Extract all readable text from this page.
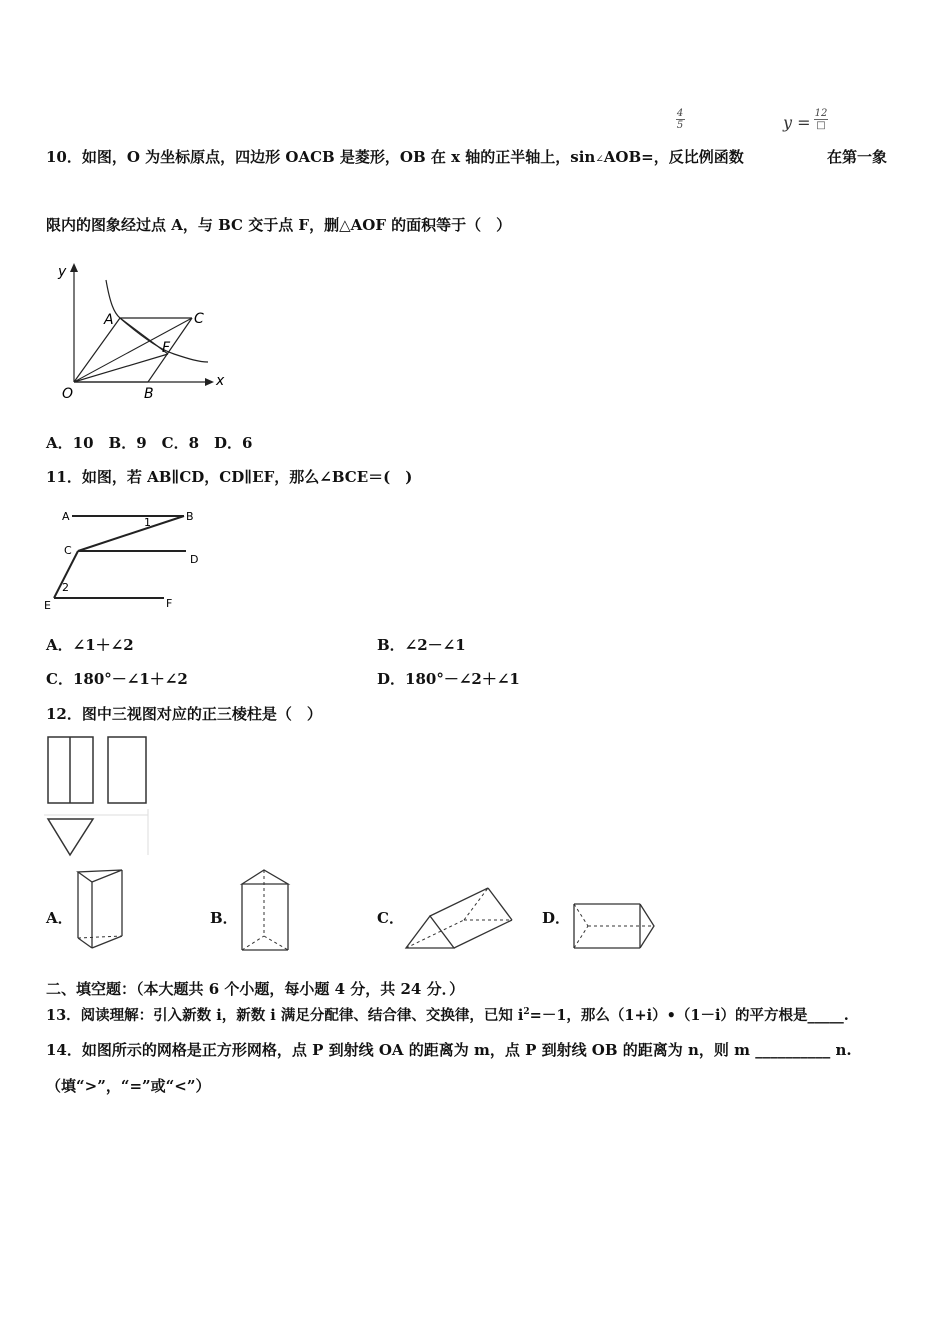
4
5	y = 12
□
10．如图，O 为坐标原点，四边形 OACB 是菱形，OB 在 x 轴的正半轴上，sin∠AOB=，反比例函数	在第一象
限内的图象经过点 A，与 BC 交于点 F，删△AOF 的面积等于（　）
y
x
O
A
B
C
F
A．10　B．9　C．8　D．6
11．如图，若 AB∥CD，CD∥EF，那么∠BCE＝(　)
A	B
C
D
E	F
1
2
A．∠1＋∠2	B．∠2－∠1
C．180°－∠1＋∠2	D．180°－∠2＋∠1
12．图中三视图对应的正三棱柱是（　）
A．	B．	C．	D．
二、填空题：（本大题共 6 个小题，每小题 4 分，共 24 分．）
13．阅读理解：引入新数 i，新数 i 满足分配律、结合律、交换律，已知 $i^2=-1$，那么（1+i）•（1－i）的平方根是_____.
14．如图所示的网格是正方形网格，点 P 到射线 OA 的距离为 m，点 P 到射线 OB 的距离为 n，则 m __________ n.
（填“>”，“=”或“<”）
